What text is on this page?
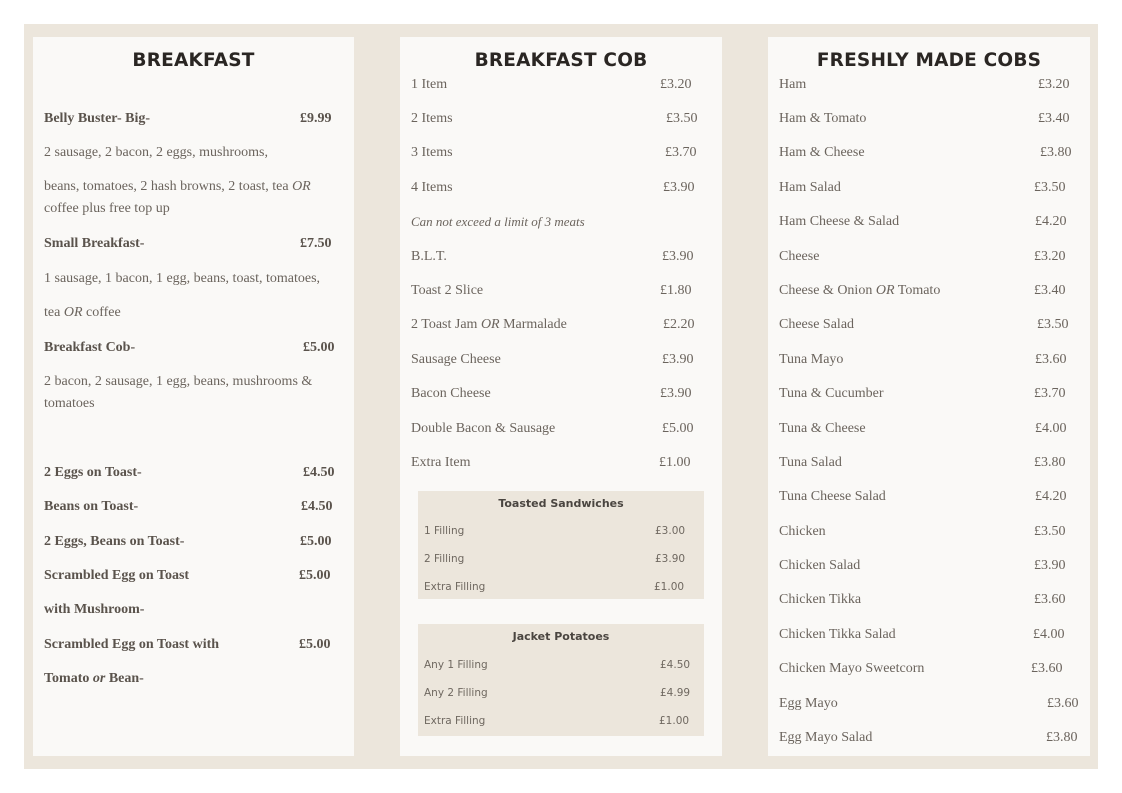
BREAKFAST
Belly Buster- Big-	£9.99
2 sausage, 2 bacon, 2 eggs, mushrooms,
beans, tomatoes, 2 hash browns, 2 toast, tea OR
coffee plus free top up
Small Breakfast-	£7.50
1 sausage, 1 bacon, 1 egg, beans, toast, tomatoes,
tea OR coffee
Breakfast Cob-	£5.00
2 bacon, 2 sausage, 1 egg, beans, mushrooms & tomatoes
2 Eggs on Toast-	£4.50
Beans on Toast-	£4.50
2 Eggs, Beans on Toast-	£5.00
Scrambled Egg on Toast	£5.00
with Mushroom-
Scrambled Egg on Toast with	£5.00
Tomato or Bean-
BREAKFAST COB
1 Item	£3.20
2 Items	£3.50
3 Items	£3.70
4 Items	£3.90
Can not exceed a limit of 3 meats
B.L.T.	£3.90
Toast 2 Slice	£1.80
2 Toast Jam OR Marmalade	£2.20
Sausage Cheese	£3.90
Bacon Cheese	£3.90
Double Bacon & Sausage	£5.00
Extra Item	£1.00
Toasted Sandwiches
1 Filling	£3.00
2 Filling	£3.90
Extra Filling	£1.00
Jacket Potatoes
Any 1 Filling	£4.50
Any 2 Filling	£4.99
Extra Filling	£1.00
FRESHLY MADE COBS
Ham	£3.20
Ham & Tomato	£3.40
Ham & Cheese	£3.80
Ham Salad	£3.50
Ham Cheese & Salad	£4.20
Cheese	£3.20
Cheese & Onion OR Tomato	£3.40
Cheese Salad	£3.50
Tuna Mayo	£3.60
Tuna & Cucumber	£3.70
Tuna & Cheese	£4.00
Tuna Salad	£3.80
Tuna Cheese Salad	£4.20
Chicken	£3.50
Chicken Salad	£3.90
Chicken Tikka	£3.60
Chicken Tikka Salad	£4.00
Chicken Mayo Sweetcorn	£3.60
Egg Mayo	£3.60
Egg Mayo Salad	£3.80
